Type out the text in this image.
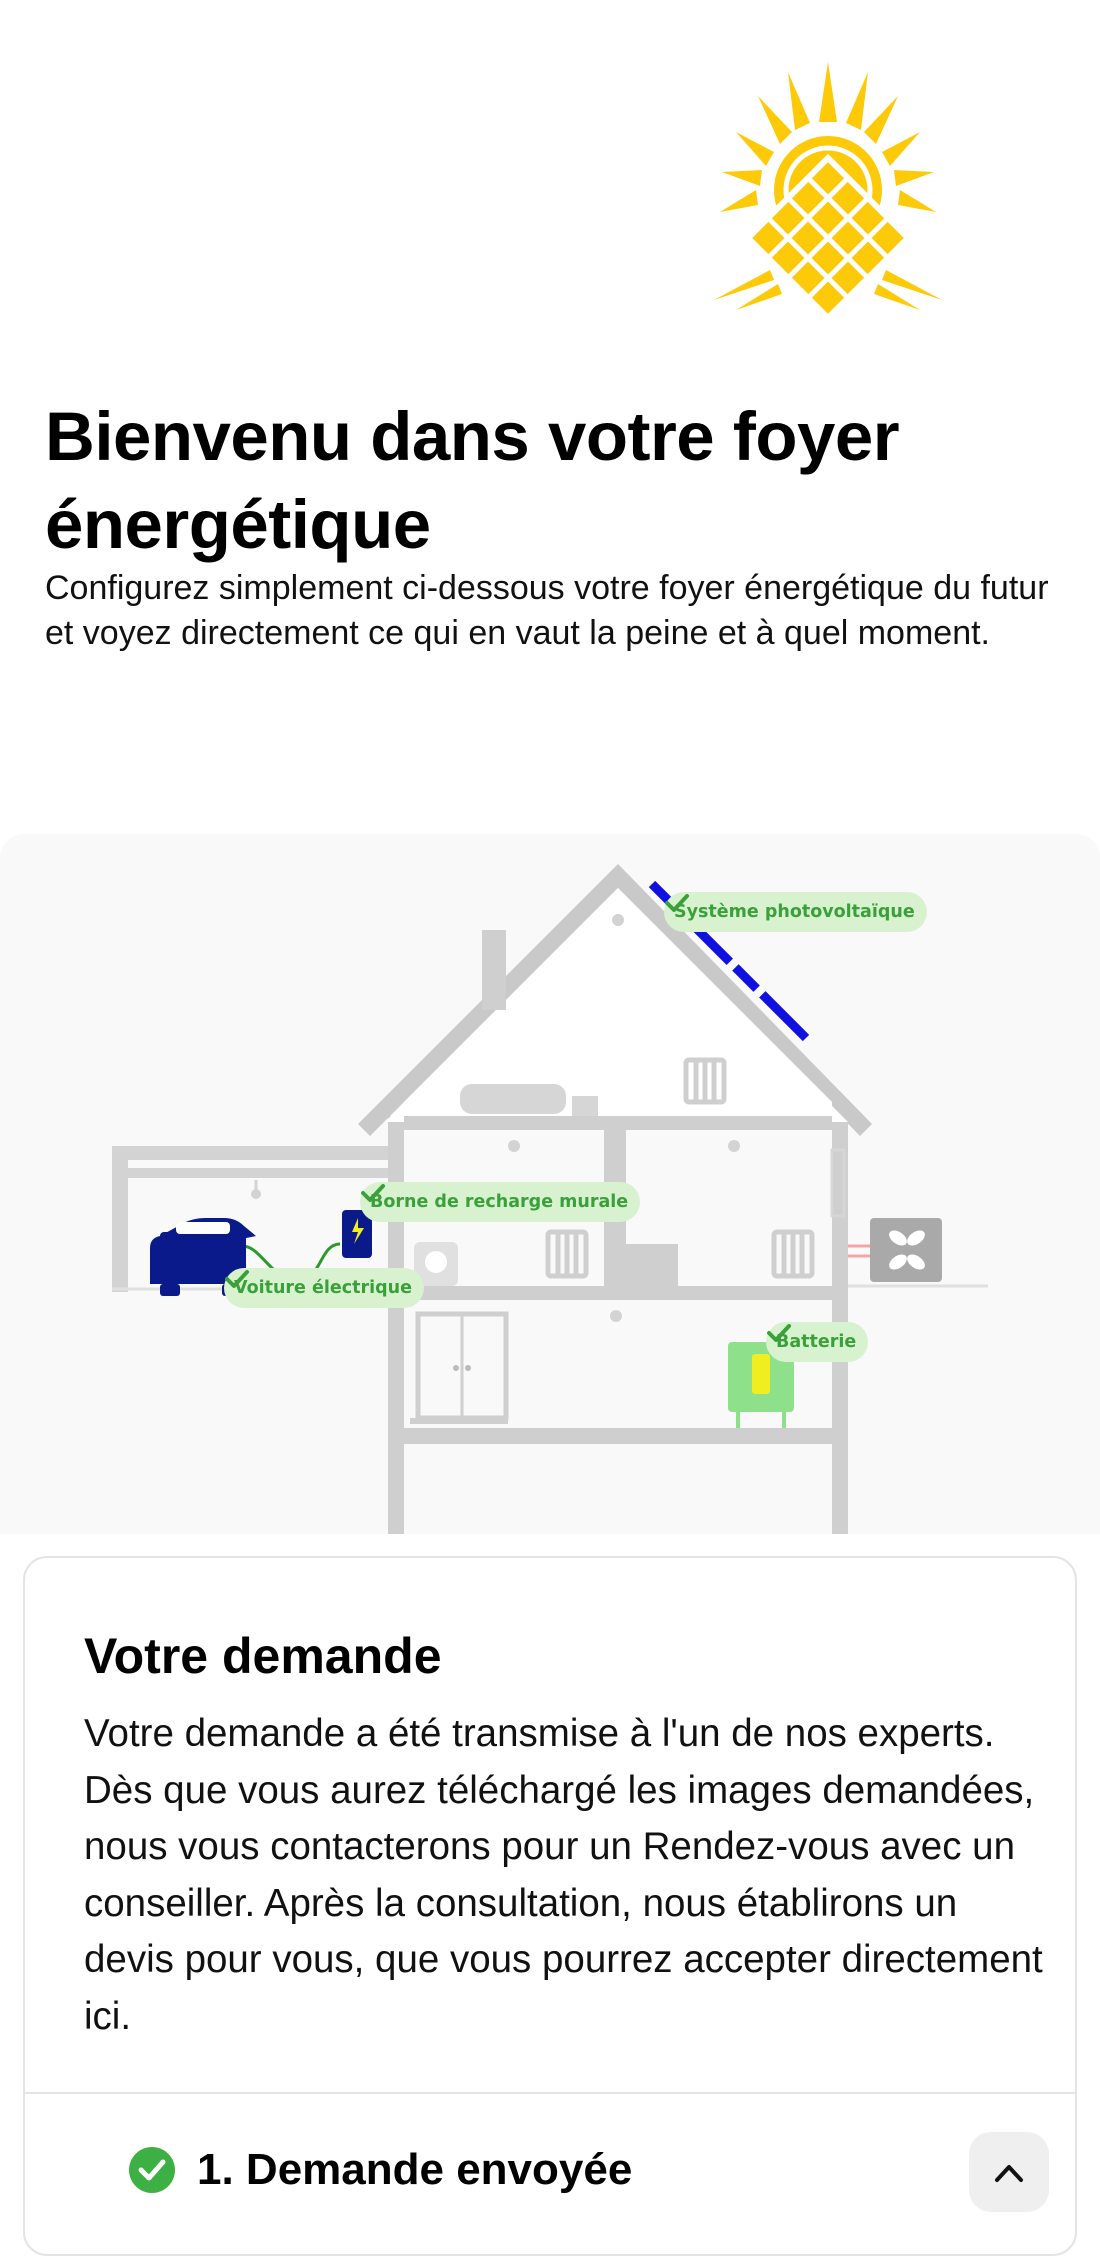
Bienvenu dans votre foyer énergétique

Configurez simplement ci-dessous votre foyer énergétique du futur et voyez directement ce qui en vaut la peine et à quel moment.

Système photovoltaïque
Borne de recharge murale
Voiture électrique
Batterie
Votre demande

Votre demande a été transmise à l'un de nos experts. Dès que vous aurez téléchargé les images demandées, nous vous contacterons pour un Rendez-vous avec un conseiller. Après la consultation, nous établirons un devis pour vous, que vous pourrez accepter directement ici.

1. Demande envoyée
